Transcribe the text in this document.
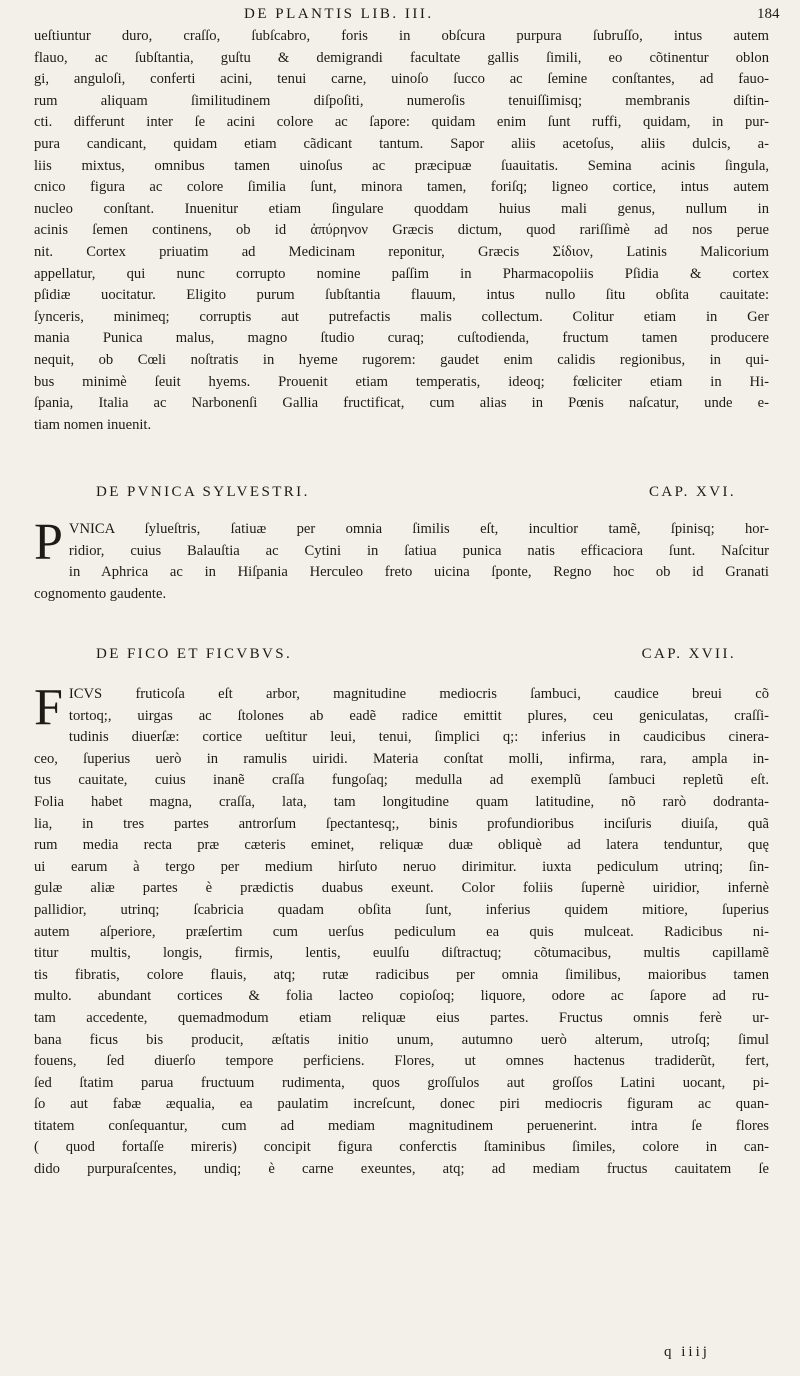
DE PLANTIS LIB. III.	184

ueſtiuntur duro, craſſo, ſubſcabro, foris in obſcura purpura ſubruſſo, intus autem

flauo, ac ſubſtantia, guſtu & demigrandi facultate gallis ſimili, eo cõtinentur oblon

gi, anguloſi, conferti acini, tenui carne, uinoſo ſucco ac ſemine conſtantes, ad fauo-

rum aliquam ſimilitudinem diſpoſiti, numeroſis tenuiſſimisq; membranis diſtin-

cti. differunt inter ſe acini colore ac ſapore: quidam enim ſunt ruffi, quidam, in pur-

pura candicant, quidam etiam cãdicant tantum. Sapor aliis acetoſus, aliis dulcis, a-

liis mixtus, omnibus tamen uinoſus ac præcipuæ ſuauitatis. Semina acinis ſingula,

cnico figura ac colore ſimilia ſunt, minora tamen, foriſq; ligneo cortice, intus autem

nucleo conſtant. Inuenitur etiam ſingulare quoddam huius mali genus, nullum in

acinis ſemen continens, ob id ἀπύρηνον Græcis dictum, quod rariſſimè ad nos perue

nit. Cortex priuatim ad Medicinam reponitur, Græcis Σίδιον, Latinis Malicorium

appellatur, qui nunc corrupto nomine paſſim in Pharmacopoliis Pſidia & cortex

pſidiæ uocitatur. Eligito purum ſubſtantia flauum, intus nullo ſitu obſita cauitate:

ſynceris, minimeq; corruptis aut putrefactis malis collectum. Colitur etiam in Ger

mania Punica malus, magno ſtudio curaq; cuſtodienda, fructum tamen producere

nequit, ob Cœli noſtratis in hyeme rugorem: gaudet enim calidis regionibus, in qui-

bus minimè ſeuit hyems. Prouenit etiam temperatis, ideoq; fœliciter etiam in Hi-

ſpania, Italia ac Narbonenſi Gallia fructificat, cum alias in Pœnis naſcatur, unde e-

tiam nomen inuenit.

DE PVNICA SYLVESTRI.	CAP. XVI.
P VNICA ſylueſtris, ſatiuæ per omnia ſimilis eſt, incultior tamẽ, ſpinisq; hor-

ridior, cuius Balauſtia ac Cytini in ſatiua punica natis efficaciora ſunt. Naſcitur

in Aphrica ac in Hiſpania Herculeo freto uicina ſponte, Regno hoc ob id Granati

cognomento gaudente.

DE FICO ET FICVBVS.	CAP. XVII.
F ICVS fruticoſa eſt arbor, magnitudine mediocris ſambuci, caudice breui cõ

tortoq;, uirgas ac ſtolones ab eadẽ radice emittit plures, ceu geniculatas, craſſi-

tudinis diuerſæ: cortice ueſtitur leui, tenui, ſimplici q;: inferius in caudicibus cinera-

ceo, ſuperius uerò in ramulis uiridi. Materia conſtat molli, infirma, rara, ampla in-

tus cauitate, cuius inanẽ craſſa fungoſaq; medulla ad exemplũ ſambuci repletũ eſt.

Folia habet magna, craſſa, lata, tam longitudine quam latitudine, nõ rarò dodranta-

lia, in tres partes antrorſum ſpectantesq;, binis profundioribus inciſuris diuiſa, quã

rum media recta præ cæteris eminet, reliquæ duæ obliquè ad latera tenduntur, quę

ui earum à tergo per medium hirſuto neruo dirimitur. iuxta pediculum utrinq; ſin-

gulæ aliæ partes è prædictis duabus exeunt. Color foliis ſupernè uiridior, infernè

pallidior, utrinq; ſcabricia quadam obſita ſunt, inferius quidem mitiore, ſuperius

autem aſperiore, præſertim cum uerſus pediculum ea quis mulceat. Radicibus ni-

titur multis, longis, firmis, lentis, euulſu diſtractuq; cõtumacibus, multis capillamẽ

tis fibratis, colore flauis, atq; rutæ radicibus per omnia ſimilibus, maioribus tamen

multo. abundant cortices & folia lacteo copioſoq; liquore, odore ac ſapore ad ru-

tam accedente, quemadmodum etiam reliquæ eius partes. Fructus omnis ferè ur-

bana ficus bis producit, æſtatis initio unum, autumno uerò alterum, utroſq; ſimul

fouens, ſed diuerſo tempore perficiens. Flores, ut omnes hactenus tradiderũt, fert,

ſed ſtatim parua fructuum rudimenta, quos groſſulos aut groſſos Latini uocant, pi-

ſo aut fabæ æqualia, ea paulatim increſcunt, donec piri mediocris figuram ac quan-

titatem conſequantur, cum ad mediam magnitudinem peruenerint. intra ſe flores

( quod fortaſſe mireris) concipit figura conferctis ſtaminibus ſimiles, colore in can-

dido purpuraſcentes, undiq; è carne exeuntes, atq; ad mediam fructus cauitatem ſe

q iiij
